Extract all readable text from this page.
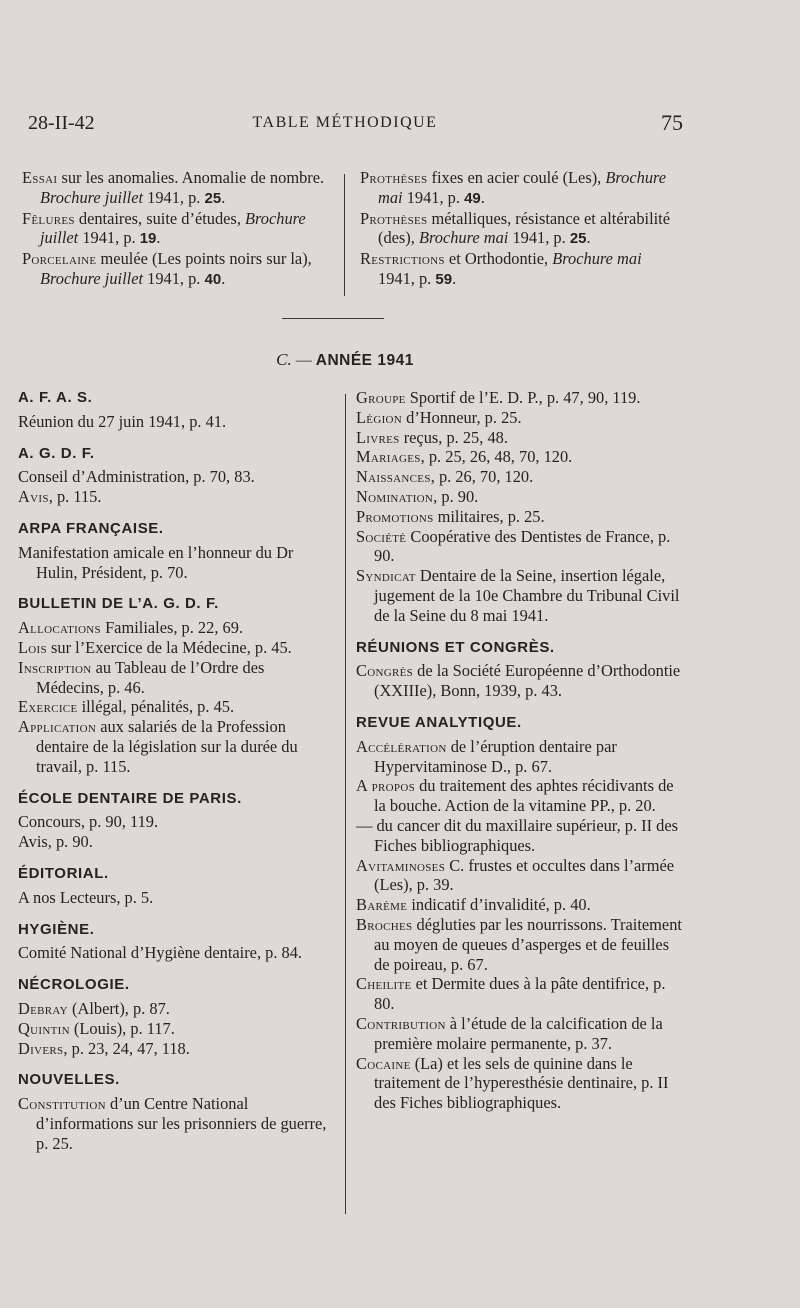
28-II-42	TABLE MÉTHODIQUE	75

Essai sur les anomalies. Anomalie de nombre. Brochure juillet 1941, p. 25.

Fêlures dentaires, suite d’études, Brochure juillet 1941, p. 19.

Porcelaine meulée (Les points noirs sur la), Brochure juillet 1941, p. 40.

Prothèses fixes en acier coulé (Les), Brochure mai 1941, p. 49.

Prothèses métalliques, résistance et altérabilité (des), Brochure mai 1941, p. 25.

Restrictions et Orthodontie, Brochure mai 1941, p. 59.

C. — ANNÉE 1941
A. F. A. S.

Réunion du 27 juin 1941, p. 41.

A. G. D. F.

Conseil d’Administration, p. 70, 83.

Avis, p. 115.

ARPA FRANÇAISE.

Manifestation amicale en l’honneur du Dr Hulin, Président, p. 70.

BULLETIN DE L’A. G. D. F.

Allocations Familiales, p. 22, 69.

Lois sur l’Exercice de la Médecine, p. 45.

Inscription au Tableau de l’Ordre des Médecins, p. 46.

Exercice illégal, pénalités, p. 45.

Application aux salariés de la Profession dentaire de la législation sur la durée du travail, p. 115.

ÉCOLE DENTAIRE DE PARIS.

Concours, p. 90, 119.

Avis, p. 90.

ÉDITORIAL.

A nos Lecteurs, p. 5.

HYGIÈNE.

Comité National d’Hygiène dentaire, p. 84.

NÉCROLOGIE.

Debray (Albert), p. 87.

Quintin (Louis), p. 117.

Divers, p. 23, 24, 47, 118.

NOUVELLES.

Constitution d’un Centre National d’informations sur les prisonniers de guerre, p. 25.

Groupe Sportif de l’E. D. P., p. 47, 90, 119.

Légion d’Honneur, p. 25.

Livres reçus, p. 25, 48.

Mariages, p. 25, 26, 48, 70, 120.

Naissances, p. 26, 70, 120.

Nomination, p. 90.

Promotions militaires, p. 25.

Société Coopérative des Dentistes de France, p. 90.

Syndicat Dentaire de la Seine, insertion légale, jugement de la 10e Chambre du Tribunal Civil de la Seine du 8 mai 1941.

RÉUNIONS ET CONGRÈS.

Congrès de la Société Européenne d’Orthodontie (XXIIIe), Bonn, 1939, p. 43.

REVUE ANALYTIQUE.

Accélération de l’éruption dentaire par Hypervitaminose D., p. 67.

A propos du traitement des aphtes récidivants de la bouche. Action de la vitamine PP., p. 20.

— du cancer dit du maxillaire supérieur, p. II des Fiches bibliographiques.

Avitaminoses C. frustes et occultes dans l’armée (Les), p. 39.

Barème indicatif d’invalidité, p. 40.

Broches dégluties par les nourrissons. Traitement au moyen de queues d’asperges et de feuilles de poireau, p. 67.

Cheilite et Dermite dues à la pâte dentifrice, p. 80.

Contribution à l’étude de la calcification de la première molaire permanente, p. 37.

Cocaine (La) et les sels de quinine dans le traitement de l’hyperesthésie dentinaire, p. II des Fiches bibliographiques.
